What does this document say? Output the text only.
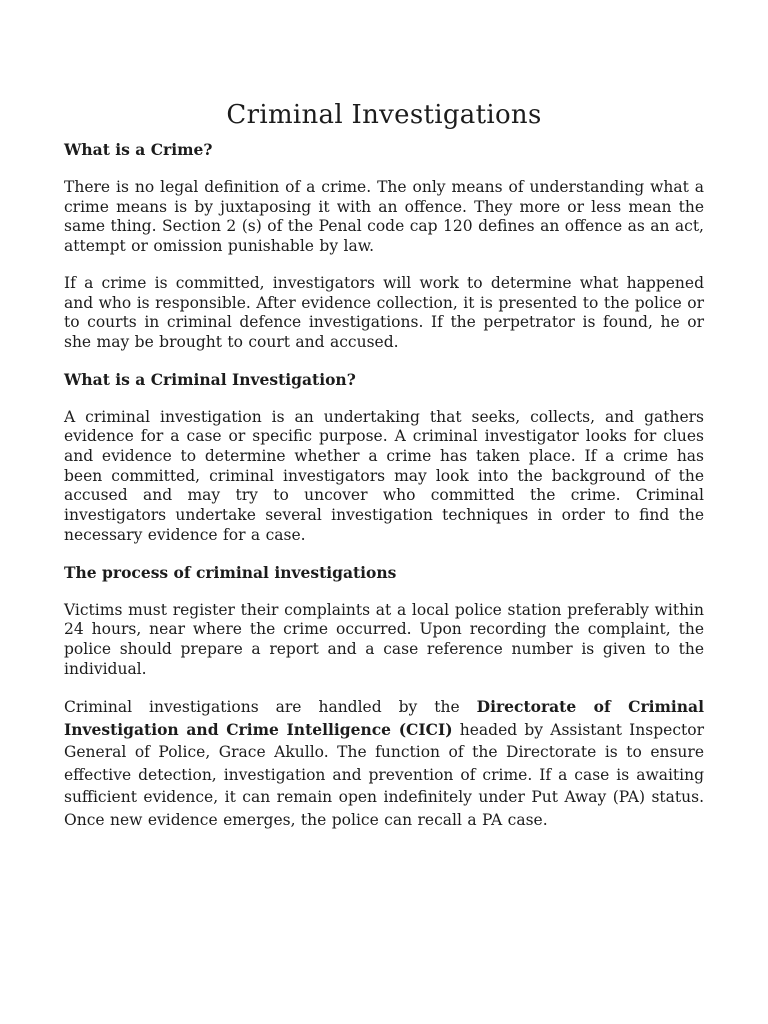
Criminal Investigations
What is a Crime?

There is no legal definition of a crime. The only means of understanding what a crime means is by juxtaposing it with an offence. They more or less mean the same thing. Section 2 (s) of the Penal code cap 120 defines an offence as an act, attempt or omission punishable by law.

If a crime is committed, investigators will work to determine what happened and who is responsible. After evidence collection, it is presented to the police or to courts in criminal defence investigations. If the perpetrator is found, he or she may be brought to court and accused.

What is a Criminal Investigation?

A criminal investigation is an undertaking that seeks, collects, and gathers evidence for a case or specific purpose. A criminal investigator looks for clues and evidence to determine whether a crime has taken place. If a crime has been committed, criminal investigators may look into the background of the accused and may try to uncover who committed the crime. Criminal investigators undertake several investigation techniques in order to find the necessary evidence for a case.

The process of criminal investigations

Victims must register their complaints at a local police station preferably within 24 hours, near where the crime occurred. Upon recording the complaint, the police should prepare a report and a case reference number is given to the individual.

Criminal investigations are handled by the Directorate of Criminal Investigation and Crime Intelligence (CICI) headed by Assistant Inspector General of Police, Grace Akullo. The function of the Directorate is to ensure effective detection, investigation and prevention of crime. If a case is awaiting sufficient evidence, it can remain open indefinitely under Put Away (PA) status. Once new evidence emerges, the police can recall a PA case.
